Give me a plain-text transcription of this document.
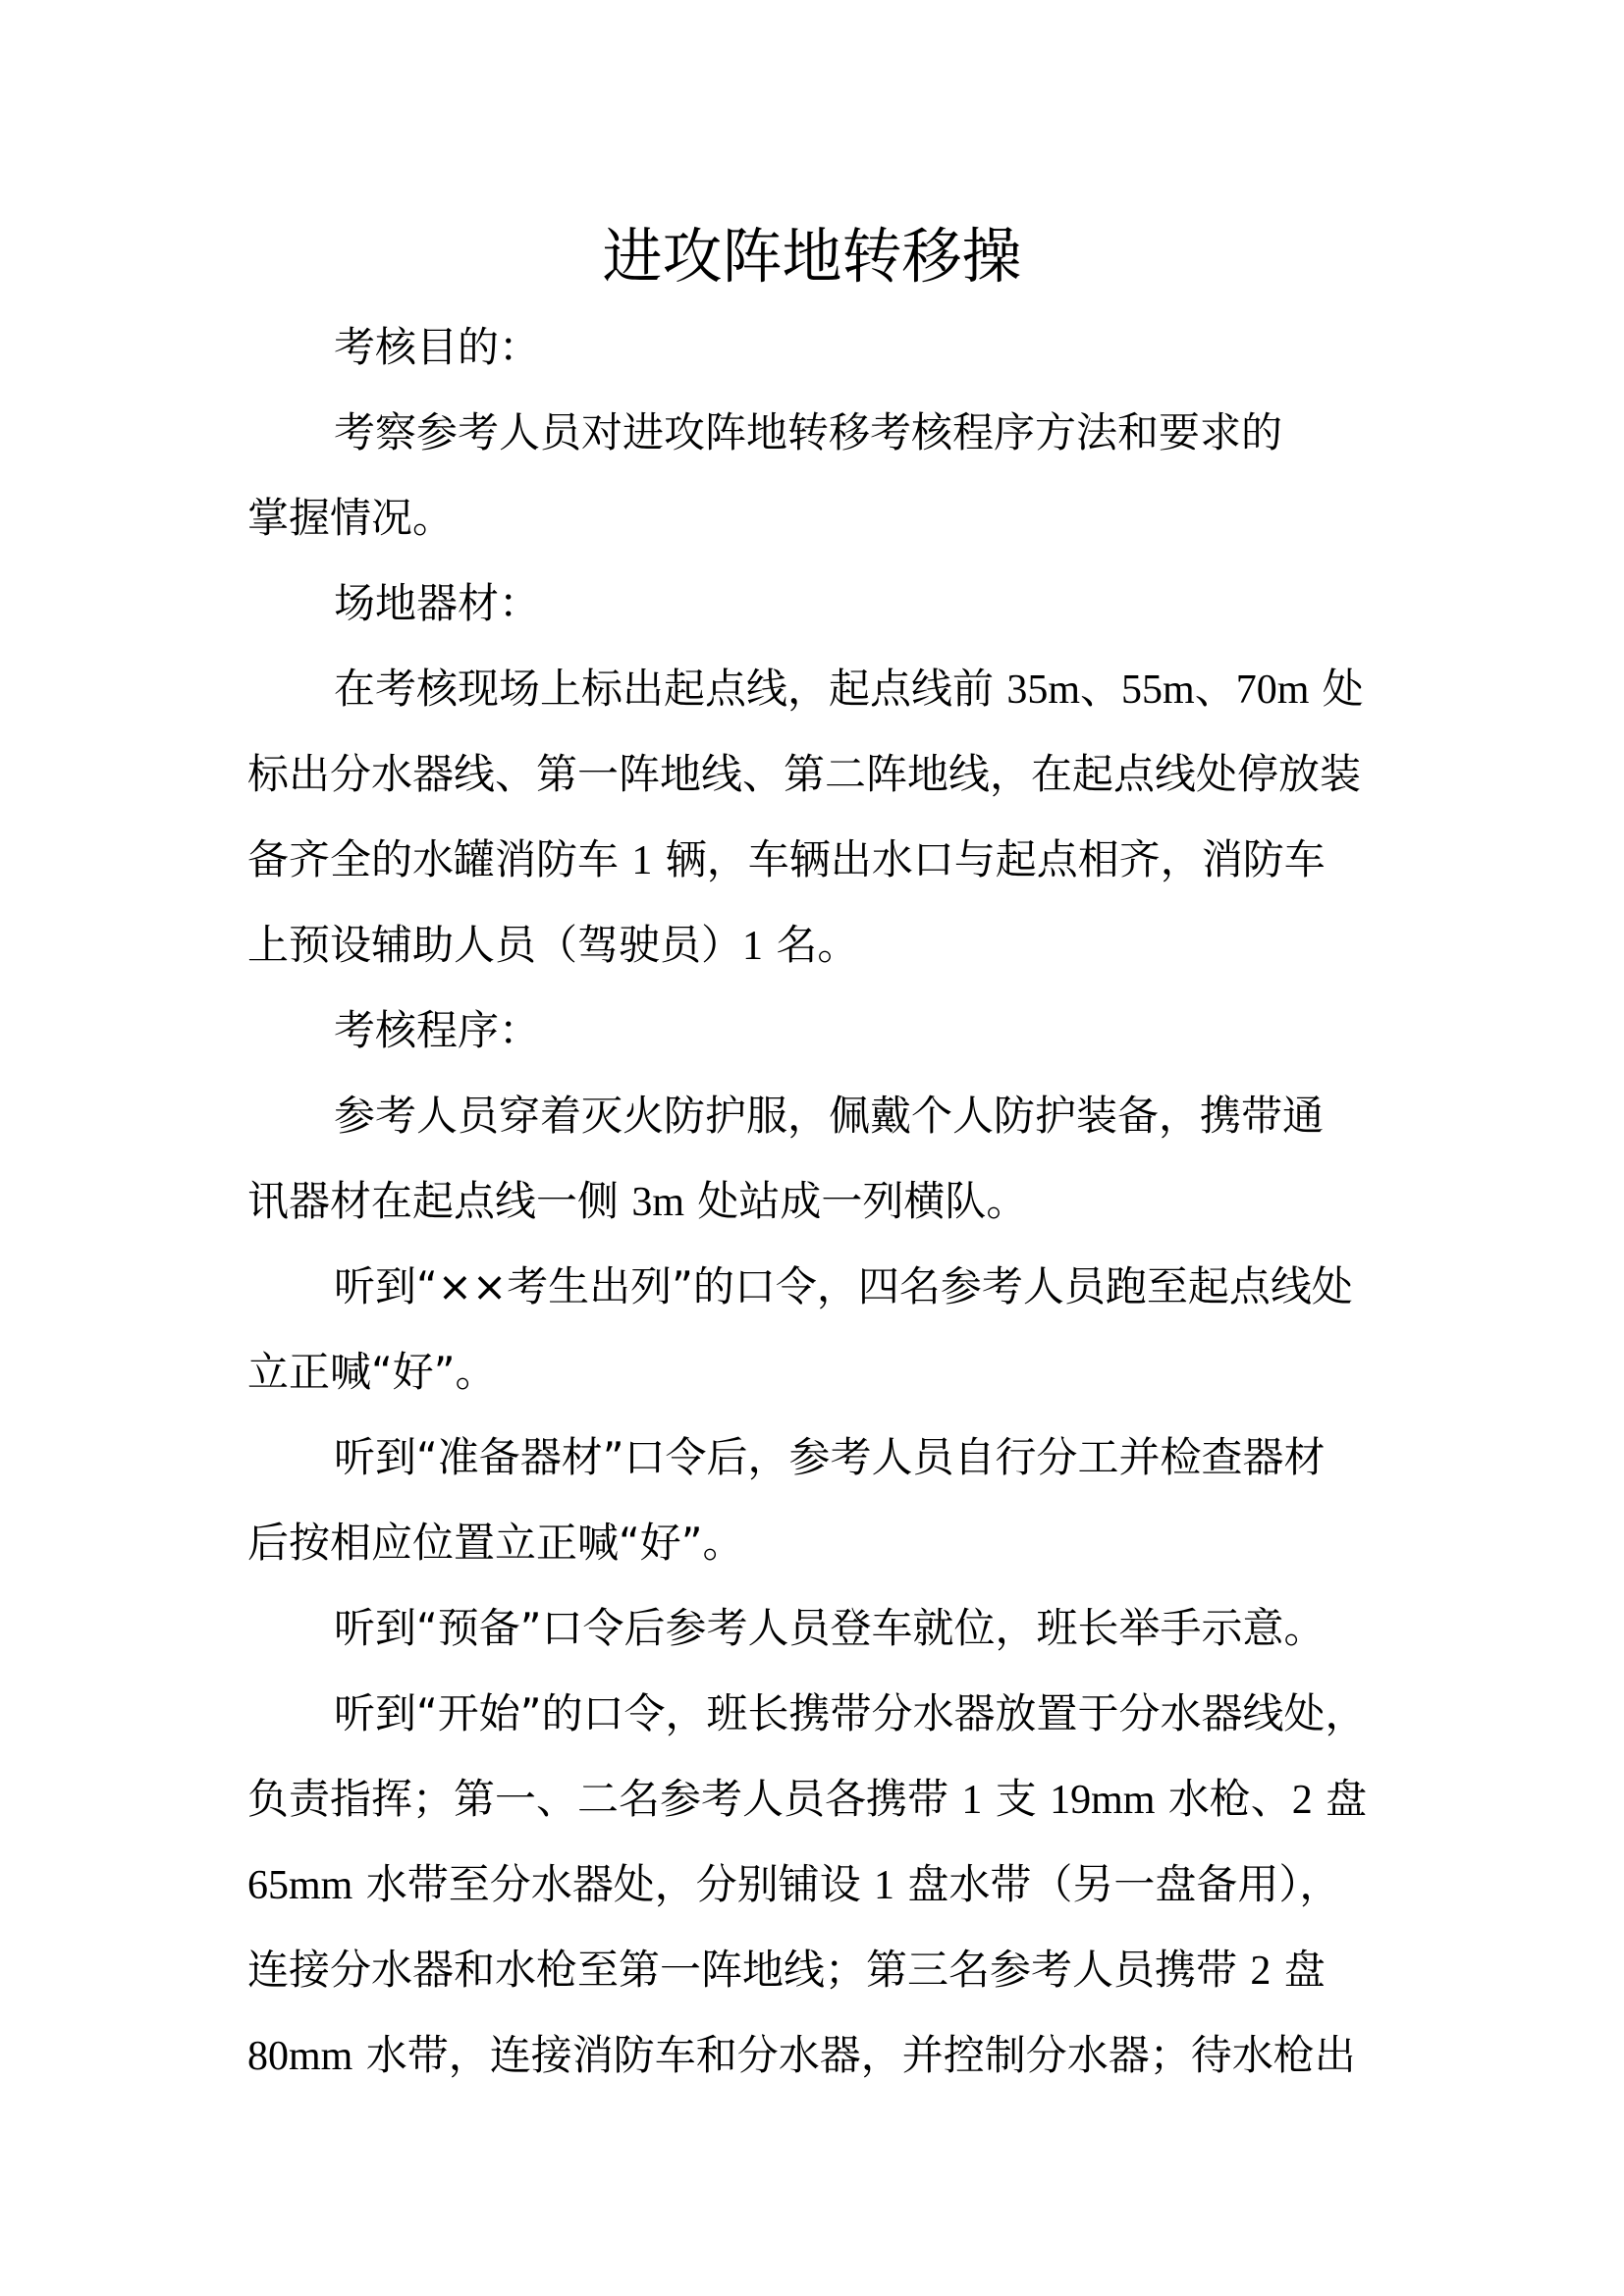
进攻阵地转移操
考核目的：
考察参考人员对进攻阵地转移考核程序方法和要求的
掌握情况。
场地器材：
在考核现场上标出起点线，起点线前 35m、55m、70m 处
标出分水器线、第一阵地线、第二阵地线，在起点线处停放装
备齐全的水罐消防车 1 辆，车辆出水口与起点相齐，消防车
上预设辅助人员（驾驶员）1 名。
考核程序：
参考人员穿着灭火防护服，佩戴个人防护装备，携带通
讯器材在起点线一侧 3m 处站成一列横队。
听到“××考生出列”的口令，四名参考人员跑至起点线处
立正喊“好”。
听到“准备器材”口令后，参考人员自行分工并检查器材
后按相应位置立正喊“好”。
听到“预备”口令后参考人员登车就位，班长举手示意。
听到“开始”的口令，班长携带分水器放置于分水器线处，
负责指挥；第一、二名参考人员各携带 1 支 19mm 水枪、2 盘
65mm 水带至分水器处，分别铺设 1 盘水带（另一盘备用），
连接分水器和水枪至第一阵地线；第三名参考人员携带 2 盘
80mm 水带，连接消防车和分水器，并控制分水器；待水枪出
